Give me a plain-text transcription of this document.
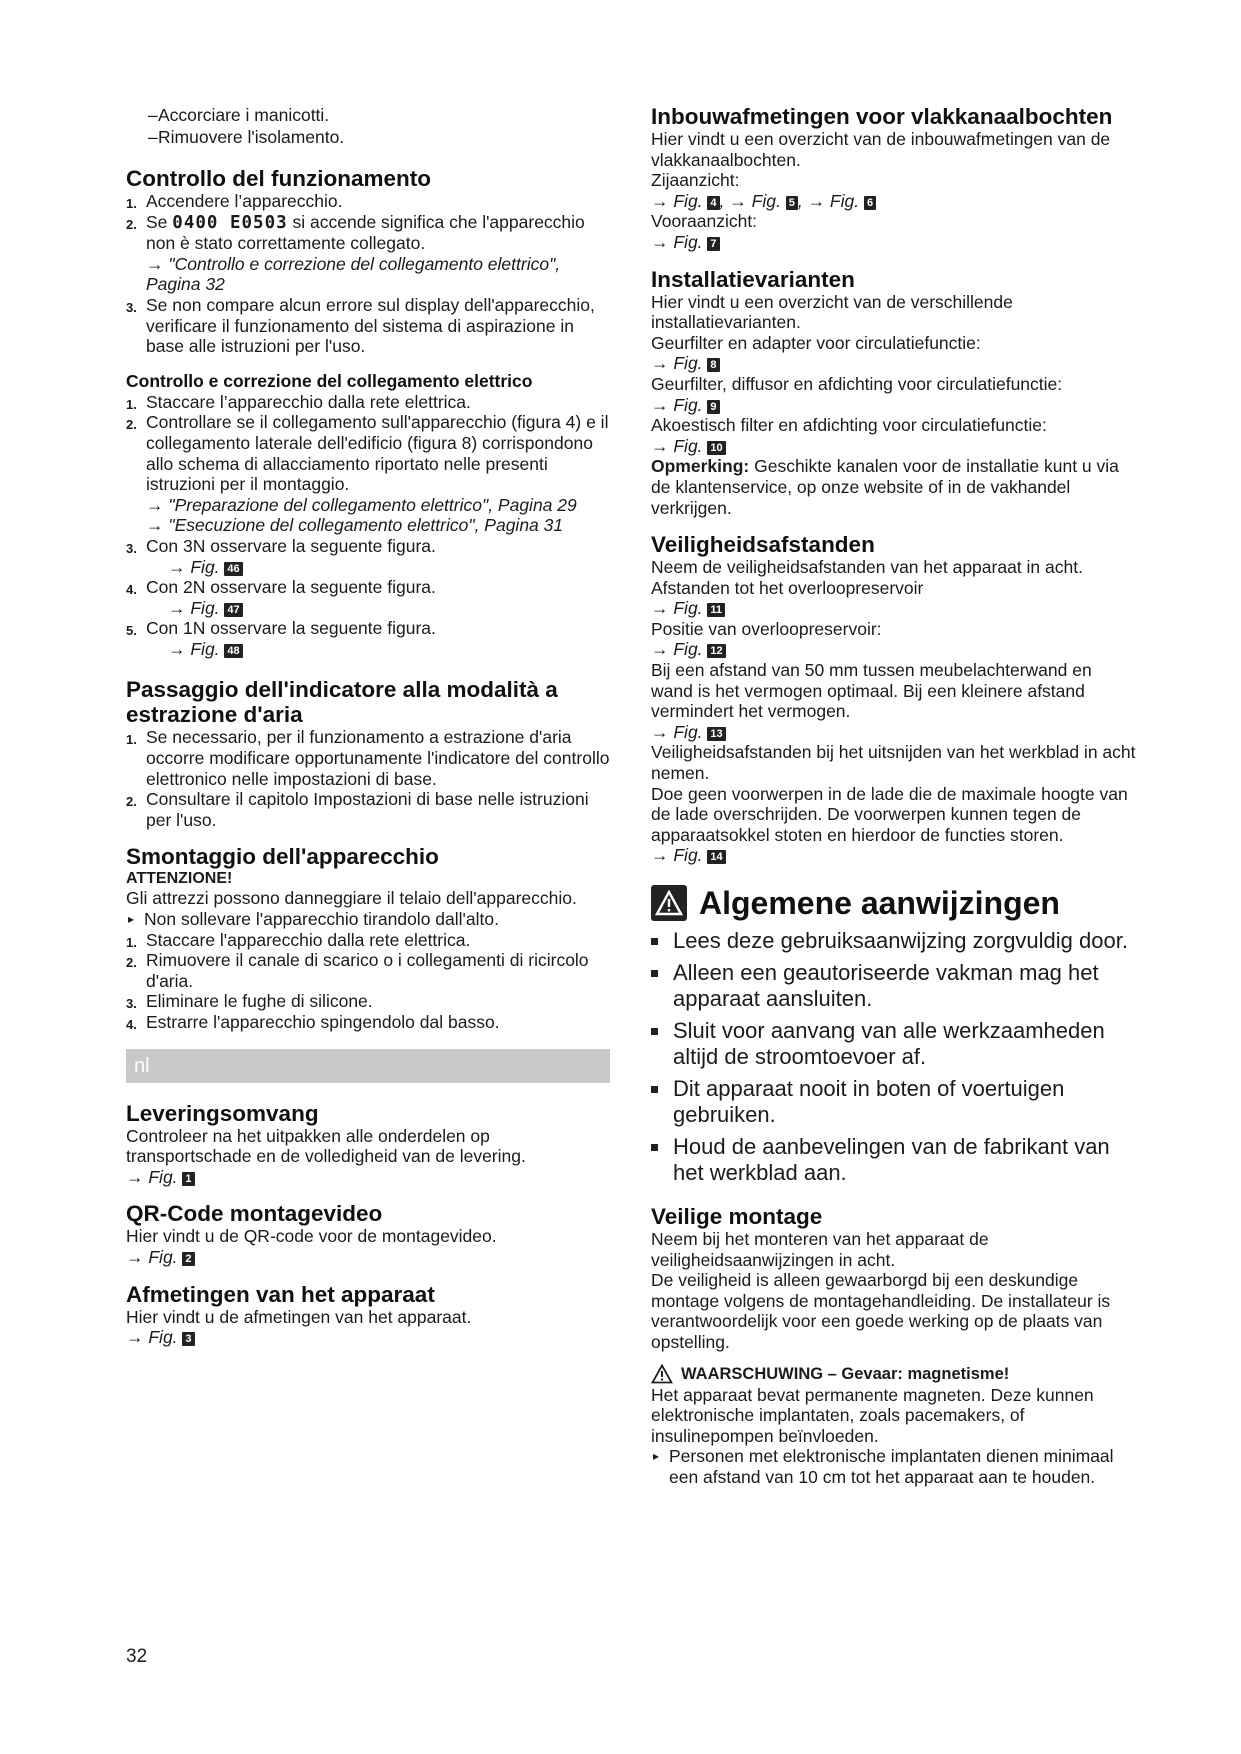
– Accorciare i manicotti.
– Rimuovere l'isolamento.
Controllo del funzionamento
1. Accendere l’apparecchio.
2. Se 0400 E0503 si accende significa che l'apparecchio non è stato correttamente collegato.
→ "Controllo e correzione del collegamento elettrico", Pagina 32
3. Se non compare alcun errore sul display dell'apparecchio, verificare il funzionamento del sistema di aspirazione in base alle istruzioni per l'uso.
Controllo e correzione del collegamento elettrico
1. Staccare l’apparecchio dalla rete elettrica.
2. Controllare se il collegamento sull'apparecchio (figura 4) e il collegamento laterale dell'edificio (figura 8) corrispondono allo schema di allacciamento riportato nelle presenti istruzioni per il montaggio.
→ "Preparazione del collegamento elettrico", Pagina 29
→ "Esecuzione del collegamento elettrico", Pagina 31
3. Con 3N osservare la seguente figura.
→ Fig. 46
4. Con 2N osservare la seguente figura.
→ Fig. 47
5. Con 1N osservare la seguente figura.
→ Fig. 48
Passaggio dell'indicatore alla modalità a estrazione d'aria
1. Se necessario, per il funzionamento a estrazione d'aria occorre modificare opportunamente l'indicatore del controllo elettronico nelle impostazioni di base.
2. Consultare il capitolo Impostazioni di base nelle istruzioni per l'uso.
Smontaggio dell'apparecchio
ATTENZIONE!

Gli attrezzi possono danneggiare il telaio dell'apparecchio.

▸ Non sollevare l'apparecchio tirandolo dall'alto.
1. Staccare l'apparecchio dalla rete elettrica.
2. Rimuovere il canale di scarico o i collegamenti di ricircolo d'aria.
3. Eliminare le fughe di silicone.
4. Estrarre l'apparecchio spingendolo dal basso.
nl
Leveringsomvang

Controleer na het uitpakken alle onderdelen op transportschade en de volledigheid van de levering.

→ Fig. 1
QR-Code montagevideo

Hier vindt u de QR-code voor de montagevideo.

→ Fig. 2
Afmetingen van het apparaat

Hier vindt u de afmetingen van het apparaat.

→ Fig. 3
Inbouwafmetingen voor vlakkanaalbochten

Hier vindt u een overzicht van de inbouwafmetingen van de vlakkanaalbochten.

Zijaanzicht:

→ Fig. 4 , → Fig. 5 , → Fig. 6

Vooraanzicht:

→ Fig. 7
Installatievarianten

Hier vindt u een overzicht van de verschillende installatievarianten.

Geurfilter en adapter voor circulatiefunctie:

→ Fig. 8

Geurfilter, diffusor en afdichting voor circulatiefunctie:

→ Fig. 9

Akoestisch filter en afdichting voor circulatiefunctie:

→ Fig. 10

Opmerking: Geschikte kanalen voor de installatie kunt u via de klantenservice, op onze website of in de vakhandel verkrijgen.

Veiligheidsafstanden

Neem de veiligheidsafstanden van het apparaat in acht.

Afstanden tot het overloopreservoir

→ Fig. 11

Positie van overloopreservoir:

→ Fig. 12

Bij een afstand van 50 mm tussen meubelachterwand en wand is het vermogen optimaal. Bij een kleinere afstand vermindert het vermogen.

→ Fig. 13

Veiligheidsafstanden bij het uitsnijden van het werkblad in acht nemen.

Doe geen voorwerpen in de lade die de maximale hoogte van de lade overschrijden. De voorwerpen kunnen tegen de apparaatsokkel stoten en hierdoor de functies storen.

→ Fig. 14
Algemene aanwijzingen
Lees deze gebruiksaanwijzing zorgvuldig door.
Alleen een geautoriseerde vakman mag het apparaat aansluiten.
Sluit voor aanvang van alle werkzaamheden altijd de stroomtoevoer af.
Dit apparaat nooit in boten of voertuigen gebruiken.
Houd de aanbevelingen van de fabrikant van het werkblad aan.
Veilige montage

Neem bij het monteren van het apparaat de veiligheidsaanwijzingen in acht.

De veiligheid is alleen gewaarborgd bij een deskundige montage volgens de montagehandleiding. De installateur is verantwoordelijk voor een goede werking op de plaats van opstelling.

WAARSCHUWING – Gevaar: magnetisme!

Het apparaat bevat permanente magneten. Deze kunnen elektronische implantaten, zoals pacemakers, of insulinepompen beïnvloeden.

▸ Personen met elektronische implantaten dienen minimaal een afstand van 10 cm tot het apparaat aan te houden.
32
